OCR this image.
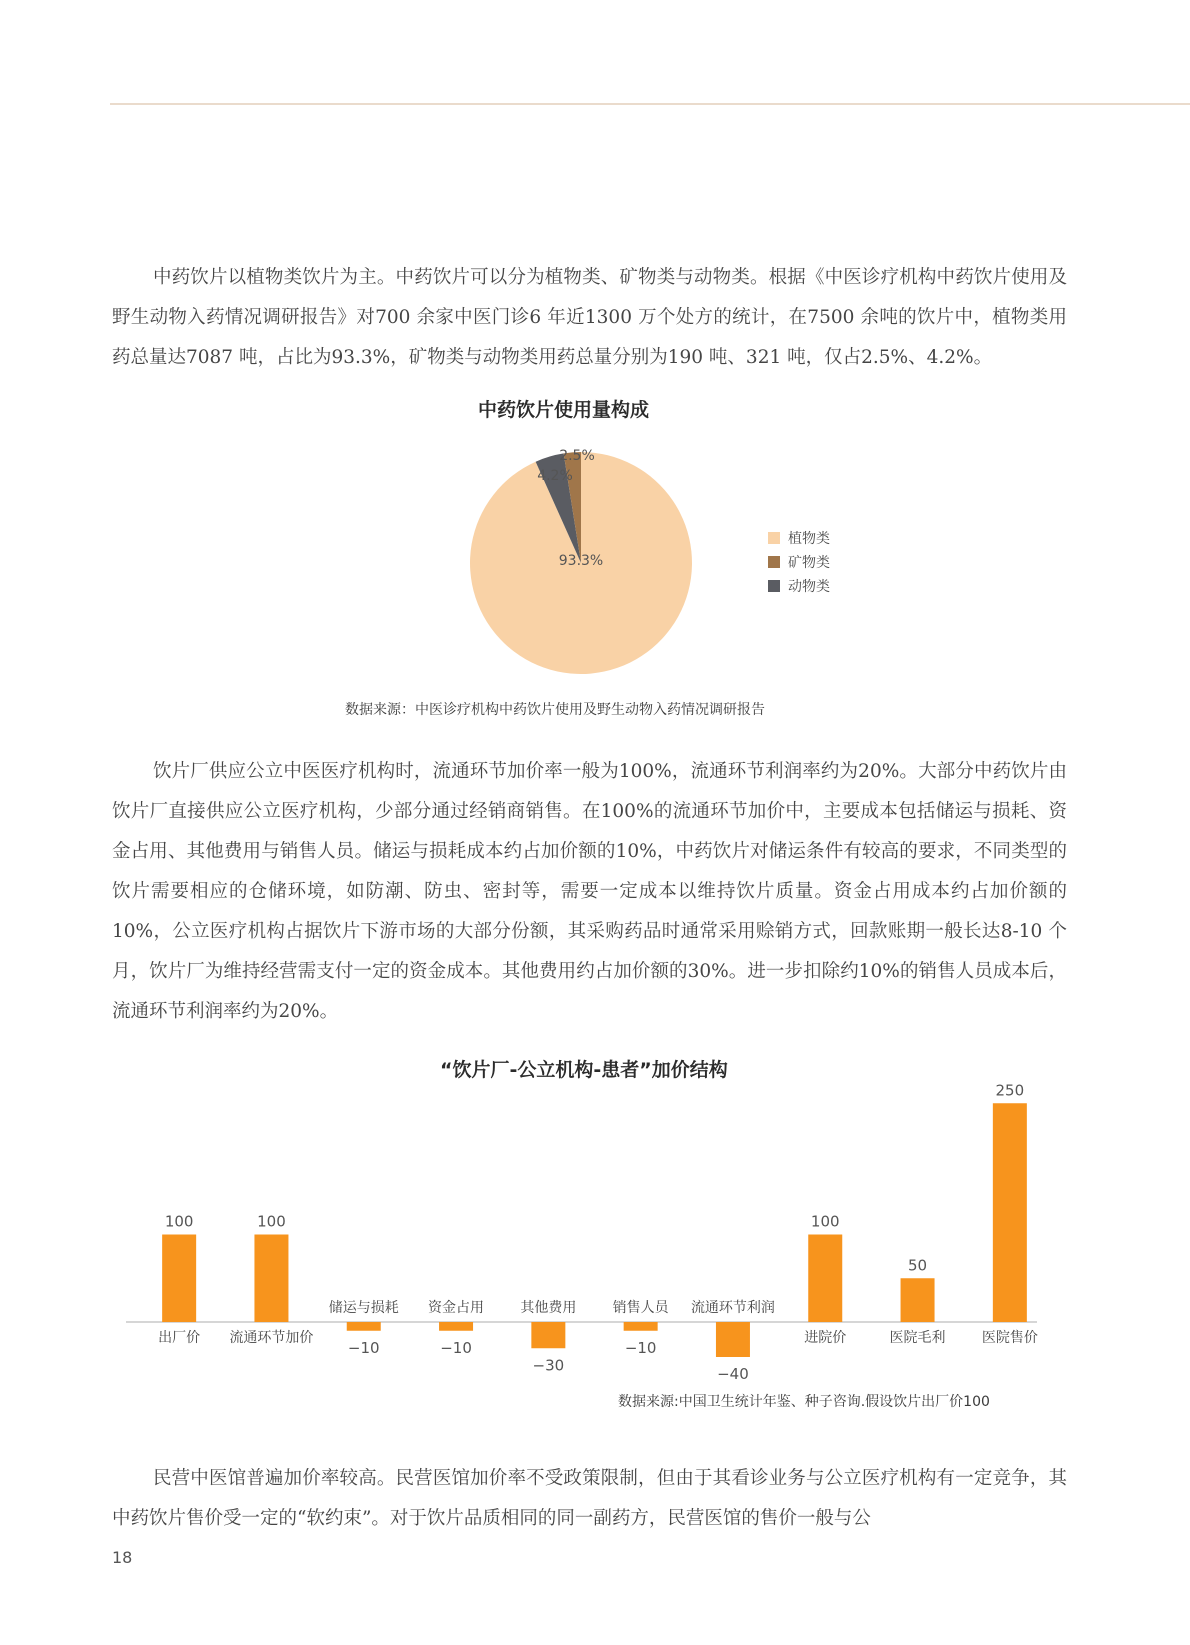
中药饮片以植物类饮片为主。中药饮片可以分为植物类、矿物类与动物类。根据《中医诊疗机构中药饮片使用及野生动物入药情况调研报告》对700 余家中医门诊6 年近1300 万个处方的统计，在7500 余吨的饮片中，植物类用药总量达7087 吨，占比为93.3%，矿物类与动物类用药总量分别为190 吨、321 吨，仅占2.5%、4.2%。

中药饮片使用量构成
93.3%
2.5%
4.2%
植物类
矿物类
动物类
数据来源：中医诊疗机构中药饮片使用及野生动物入药情况调研报告

饮片厂供应公立中医医疗机构时，流通环节加价率一般为100%，流通环节利润率约为20%。大部分中药饮片由饮片厂直接供应公立医疗机构，少部分通过经销商销售。在100%的流通环节加价中，主要成本包括储运与损耗、资金占用、其他费用与销售人员。储运与损耗成本约占加价额的10%，中药饮片对储运条件有较高的要求，不同类型的饮片需要相应的仓储环境，如防潮、防虫、密封等，需要一定成本以维持饮片质量。资金占用成本约占加价额的10%，公立医疗机构占据饮片下游市场的大部分份额，其采购药品时通常采用赊销方式，回款账期一般长达8-10 个月，饮片厂为维持经营需支付一定的资金成本。其他费用约占加价额的30%。进一步扣除约10%的销售人员成本后，流通环节利润率约为20%。

“饮片厂-公立机构-患者”加价结构
100
出厂价
100
流通环节加价
−10
储运与损耗
−10
资金占用
−30
其他费用
−10
销售人员
−40
流通环节利润
100
进院价
50
医院毛利
250
医院售价
数据来源:中国卫生统计年鉴、种子咨询.假设饮片出厂价100

民营中医馆普遍加价率较高。民营医馆加价率不受政策限制，但由于其看诊业务与公立医疗机构有一定竞争，其中药饮片售价受一定的“软约束”。对于饮片品质相同的同一副药方，民营医馆的售价一般与公

18
